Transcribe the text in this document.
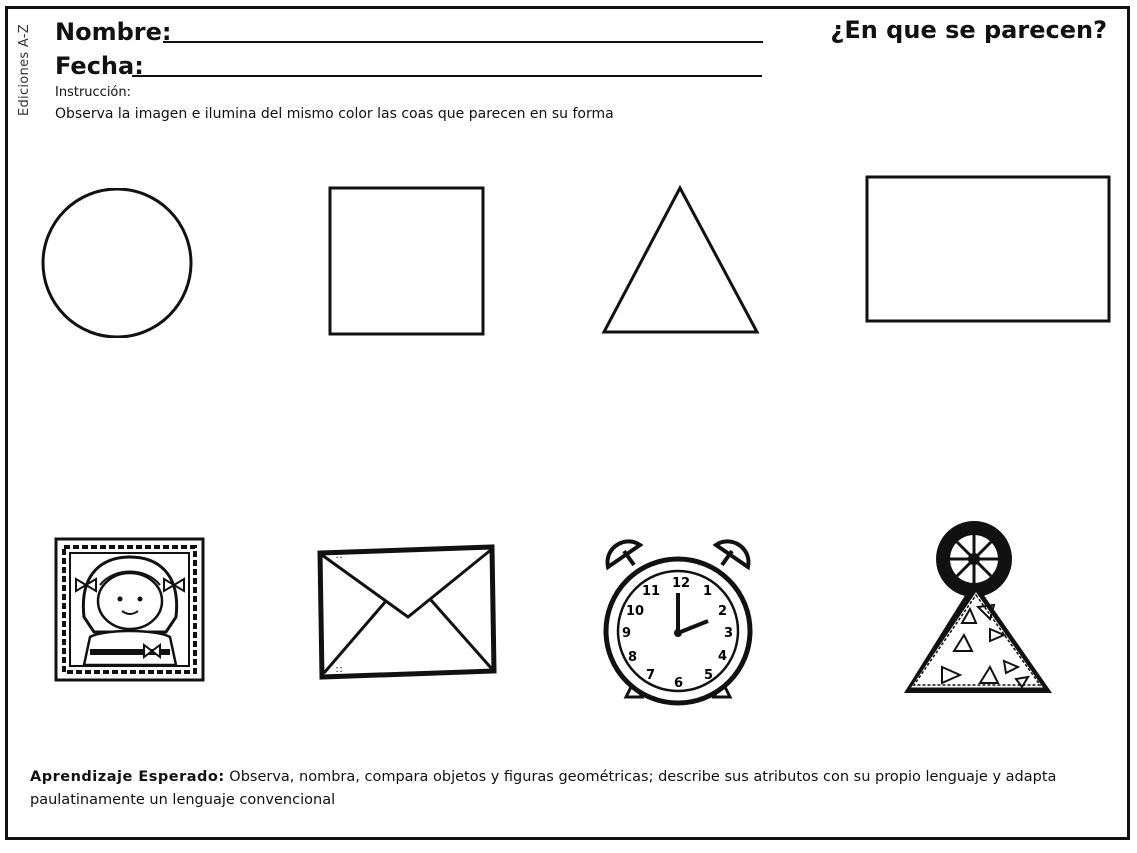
Ediciones A-Z Nombre:
Fecha:
¿En que se parecen?
Instrucción:
Observa la imagen e ilumina del mismo color las coas que parecen en su forma
∷
∷
12
1
2
3
4
5
6
7
8
9
10
11
Aprendizaje Esperado: Observa, nombra, compara objetos y figuras geométricas; describe sus atributos con su propio lenguaje y adapta paulatinamente un lenguaje convencional
